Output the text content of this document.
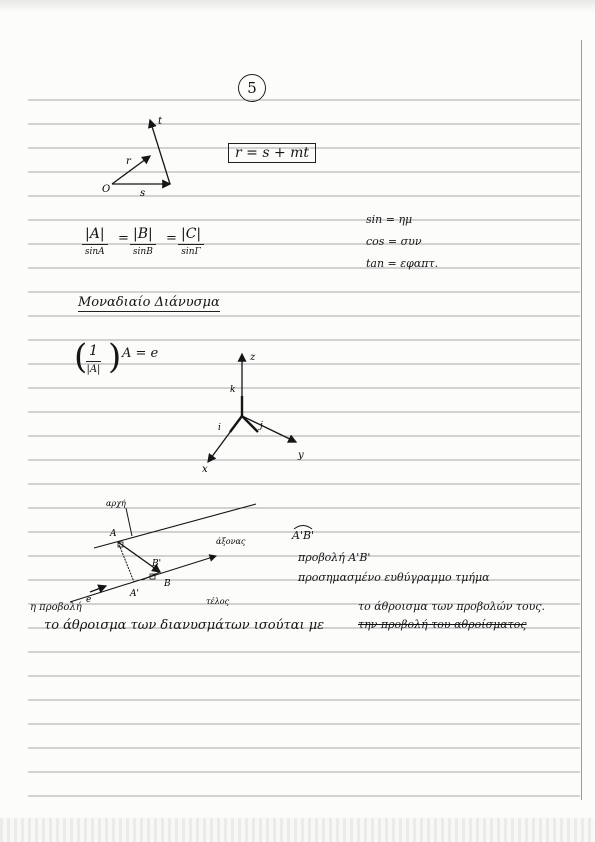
5
O	s
r
t
r = s + mt
sin = ημ
cos = συν
tan = εφαπτ.
|A|
sinA
= |B|
sinB
= |C|
sinΓ
Μοναδιαίο Διάνυσμα
( 1
|A| ) A = e	z
x
y
k
i	j
αρχή
άξονας
τέλος
A
B
A'
B'
e
A'B'
προβολή A'B'
προσημασμένο ευθύγραμμο τμήμα
η προβολή	το άθροισμα των προβολών τους.
το άθροισμα των διανυσμάτων ισούται με	την προβολή του αθροίσματος
